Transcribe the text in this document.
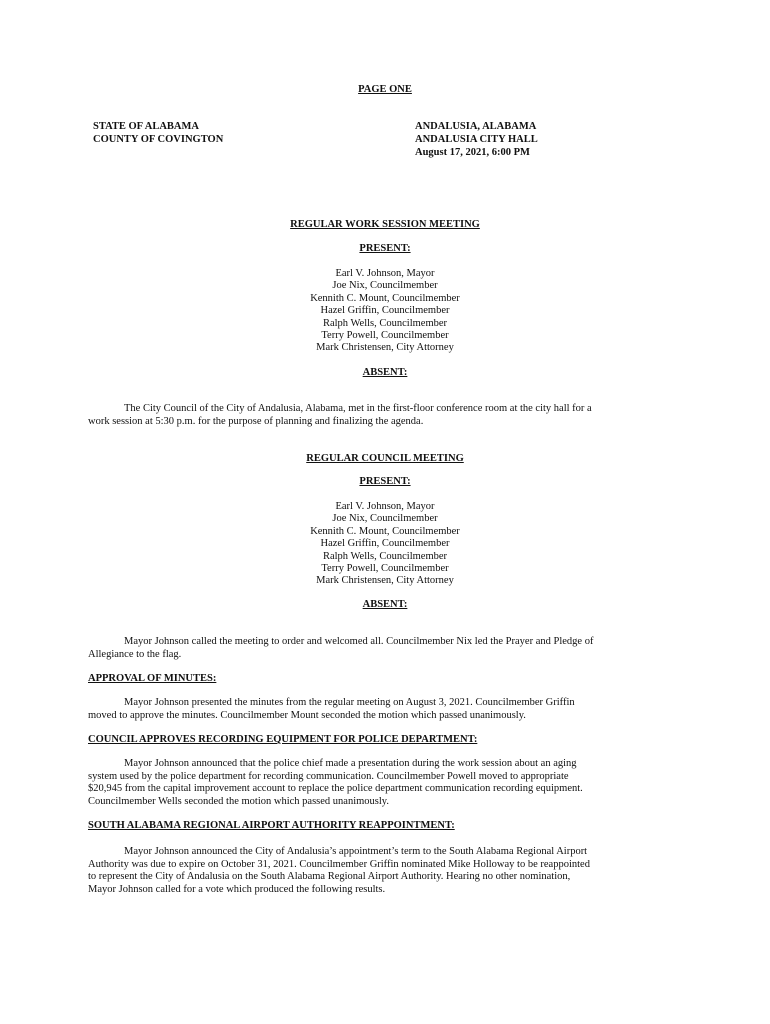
PAGE ONE
STATE OF ALABAMA
COUNTY OF COVINGTON
ANDALUSIA, ALABAMA
ANDALUSIA CITY HALL
August 17, 2021, 6:00 PM
REGULAR WORK SESSION MEETING
PRESENT:
Earl V. Johnson, Mayor
Joe Nix, Councilmember
Kennith C. Mount, Councilmember
Hazel Griffin, Councilmember
Ralph Wells, Councilmember
Terry Powell, Councilmember
Mark Christensen, City Attorney
ABSENT:
The City Council of the City of Andalusia, Alabama, met in the first-floor conference room at the city hall for a
work session at 5:30 p.m. for the purpose of planning and finalizing the agenda.
REGULAR COUNCIL MEETING
PRESENT:
Earl V. Johnson, Mayor
Joe Nix, Councilmember
Kennith C. Mount, Councilmember
Hazel Griffin, Councilmember
Ralph Wells, Councilmember
Terry Powell, Councilmember
Mark Christensen, City Attorney
ABSENT:
Mayor Johnson called the meeting to order and welcomed all. Councilmember Nix led the Prayer and Pledge of
Allegiance to the flag.
APPROVAL OF MINUTES:
Mayor Johnson presented the minutes from the regular meeting on August 3, 2021. Councilmember Griffin
moved to approve the minutes. Councilmember Mount seconded the motion which passed unanimously.
COUNCIL APPROVES RECORDING EQUIPMENT FOR POLICE DEPARTMENT:
Mayor Johnson announced that the police chief made a presentation during the work session about an aging
system used by the police department for recording communication. Councilmember Powell moved to appropriate
$20,945 from the capital improvement account to replace the police department communication recording equipment.
Councilmember Wells seconded the motion which passed unanimously.
SOUTH ALABAMA REGIONAL AIRPORT AUTHORITY REAPPOINTMENT:
Mayor Johnson announced the City of Andalusia’s appointment’s term to the South Alabama Regional Airport
Authority was due to expire on October 31, 2021. Councilmember Griffin nominated Mike Holloway to be reappointed
to represent the City of Andalusia on the South Alabama Regional Airport Authority. Hearing no other nomination,
Mayor Johnson called for a vote which produced the following results.
